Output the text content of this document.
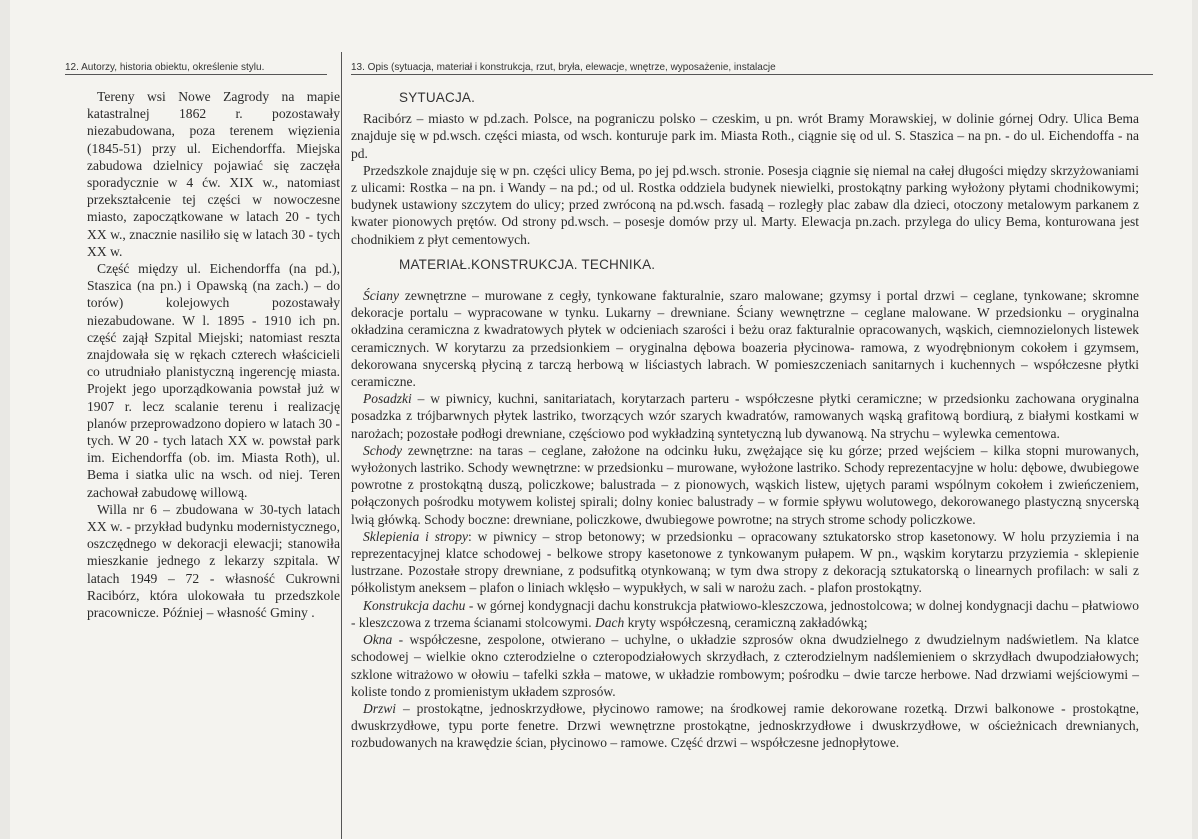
12. Autorzy, historia obiektu, określenie stylu.	13. Opis (sytuacja, materiał i konstrukcja, rzut, bryła, elewacje, wnętrze, wyposażenie, instalacje

Tereny wsi Nowe Zagrody na mapie katastralnej 1862 r. pozostawały niezabudowana, poza terenem więzienia (1845-51) przy ul. Eichendorffa. Miejska zabudowa dzielnicy pojawiać się zaczęła sporadycznie w 4 ćw. XIX w., natomiast przekształcenie tej części w nowoczesne miasto, zapoczątkowane w latach 20 - tych XX w., znacznie nasiliło się w latach 30 - tych XX w.

Część między ul. Eichendorffa (na pd.), Staszica (na pn.) i Opawską (na zach.) – do torów) kolejowych pozostawały niezabudowane. W l. 1895 - 1910 ich pn. część zajął Szpital Miejski; natomiast reszta znajdowała się w rękach czterech właścicieli co utrudniało planistyczną ingerencję miasta. Projekt jego uporządkowania powstał już w 1907 r. lecz scalanie terenu i realizację planów przeprowadzono dopiero w latach 30 - tych. W 20 - tych latach XX w. powstał park im. Eichendorffa (ob. im. Miasta Roth), ul. Bema i siatka ulic na wsch. od niej. Teren zachował zabudowę willową.

Willa nr 6 – zbudowana w 30-tych latach XX w. - przykład budynku modernistycznego, oszczędnego w dekoracji elewacji; stanowiła mieszkanie jednego z lekarzy szpitala. W latach 1949 – 72 - własność Cukrowni Racibórz, która ulokowała tu przedszkole pracownicze. Później – własność Gminy .

SYTUACJA.

Racibórz – miasto w pd.zach. Polsce, na pograniczu polsko – czeskim, u pn. wrót Bramy Morawskiej, w dolinie górnej Odry. Ulica Bema znajduje się w pd.wsch. części miasta, od wsch. konturuje park im. Miasta Roth., ciągnie się od ul. S. Staszica – na pn. - do ul. Eichendoffa - na pd.

Przedszkole znajduje się w pn. części ulicy Bema, po jej pd.wsch. stronie. Posesja ciągnie się niemal na całej długości między skrzyżowaniami z ulicami: Rostka – na pn. i Wandy – na pd.; od ul. Rostka oddziela budynek niewielki, prostokątny parking wyłożony płytami chodnikowymi; budynek ustawiony szczytem do ulicy; przed zwróconą na pd.wsch. fasadą – rozległy plac zabaw dla dzieci, otoczony metalowym parkanem z kwater pionowych prętów. Od strony pd.wsch. – posesje domów przy ul. Marty. Elewacja pn.zach. przylega do ulicy Bema, konturowana jest chodnikiem z płyt cementowych.

MATERIAŁ.KONSTRUKCJA. TECHNIKA.

Ściany zewnętrzne – murowane z cegły, tynkowane fakturalnie, szaro malowane; gzymsy i portal drzwi – ceglane, tynkowane; skromne dekoracje portalu – wypracowane w tynku. Lukarny – drewniane. Ściany wewnętrzne – ceglane malowane. W przedsionku – oryginalna okładzina ceramiczna z kwadratowych płytek w odcieniach szarości i beżu oraz fakturalnie opracowanych, wąskich, ciemnozielonych listewek ceramicznych. W korytarzu za przedsionkiem – oryginalna dębowa boazeria płycinowa- ramowa, z wyodrębnionym cokołem i gzymsem, dekorowana snycerską płyciną z tarczą herbową w liściastych labrach. W pomieszczeniach sanitarnych i kuchennych – współczesne płytki ceramiczne.

Posadzki – w piwnicy, kuchni, sanitariatach, korytarzach parteru - współczesne płytki ceramiczne; w przedsionku zachowana oryginalna posadzka z trójbarwnych płytek lastriko, tworzących wzór szarych kwadratów, ramowanych wąską grafitową bordiurą, z białymi kostkami w narożach; pozostałe podłogi drewniane, częściowo pod wykładziną syntetyczną lub dywanową. Na strychu – wylewka cementowa.

Schody zewnętrzne: na taras – ceglane, założone na odcinku łuku, zwężające się ku górze; przed wejściem – kilka stopni murowanych, wyłożonych lastriko. Schody wewnętrzne: w przedsionku – murowane, wyłożone lastriko. Schody reprezentacyjne w holu: dębowe, dwubiegowe powrotne z prostokątną duszą, policzkowe; balustrada – z pionowych, wąskich listew, ujętych parami wspólnym cokołem i zwieńczeniem, połączonych pośrodku motywem kolistej spirali; dolny koniec balustrady – w formie spływu wolutowego, dekorowanego plastyczną snycerską lwią główką. Schody boczne: drewniane, policzkowe, dwubiegowe powrotne; na strych strome schody policzkowe.

Sklepienia i stropy: w piwnicy – strop betonowy; w przedsionku – opracowany sztukatorsko strop kasetonowy. W holu przyziemia i na reprezentacyjnej klatce schodowej - belkowe stropy kasetonowe z tynkowanym pułapem. W pn., wąskim korytarzu przyziemia - sklepienie lustrzane. Pozostałe stropy drewniane, z podsufitką otynkowaną; w tym dwa stropy z dekoracją sztukatorską o linearnych profilach: w sali z półkolistym aneksem – plafon o liniach wklęsło – wypukłych, w sali w narożu zach. - plafon prostokątny.

Konstrukcja dachu - w górnej kondygnacji dachu konstrukcja płatwiowo-kleszczowa, jednostolcowa; w dolnej kondygnacji dachu – płatwiowo - kleszczowa z trzema ścianami stolcowymi. Dach kryty współczesną, ceramiczną zakładówką;

Okna - współczesne, zespolone, otwierano – uchylne, o układzie szprosów okna dwudzielnego z dwudzielnym nadświetlem. Na klatce schodowej – wielkie okno czterodzielne o czteropodziałowych skrzydłach, z czterodzielnym nadślemieniem o skrzydłach dwupodziałowych; szklone witrażowo w ołowiu – tafelki szkła – matowe, w układzie rombowym; pośrodku – dwie tarcze herbowe. Nad drzwiami wejściowymi – koliste tondo z promienistym układem szprosów.

Drzwi – prostokątne, jednoskrzydłowe, płycinowo ramowe; na środkowej ramie dekorowane rozetką. Drzwi balkonowe - prostokątne, dwuskrzydłowe, typu porte fenetre. Drzwi wewnętrzne prostokątne, jednoskrzydłowe i dwuskrzydłowe, w ościeżnicach drewnianych, rozbudowanych na krawędzie ścian, płycinowo – ramowe. Część drzwi – współczesne jednopłytowe.
